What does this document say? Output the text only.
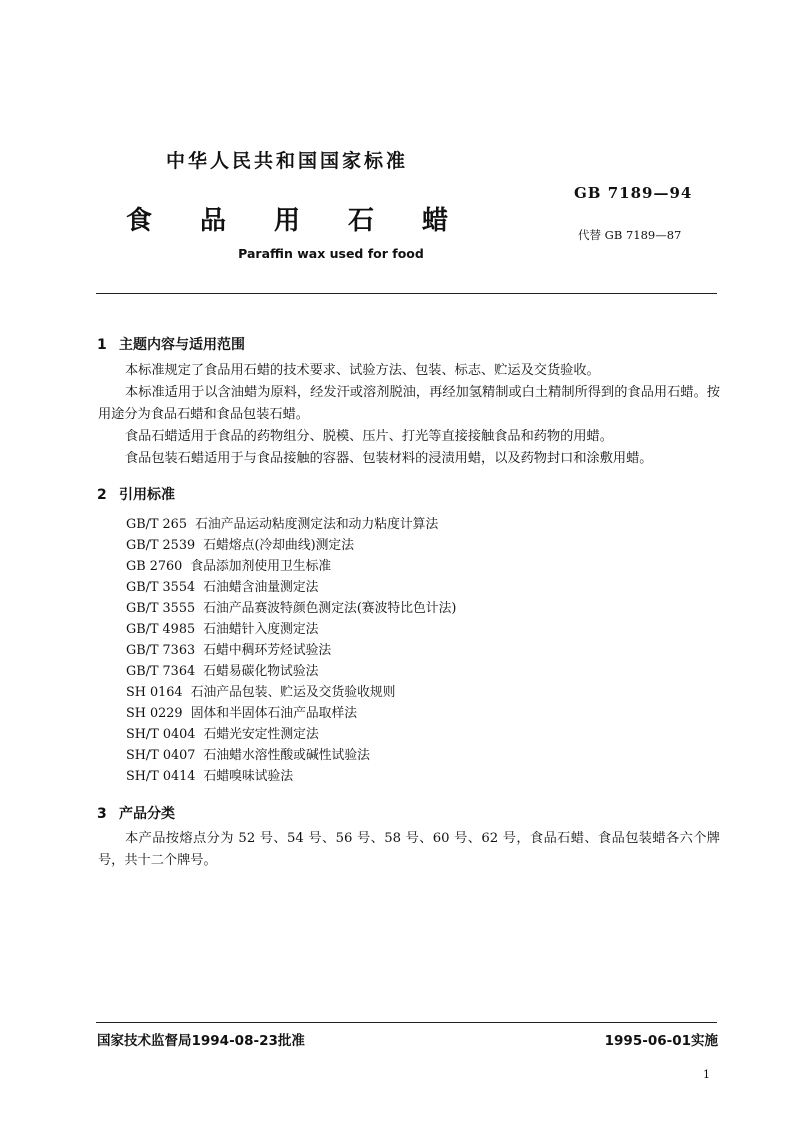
中华人民共和国国家标准
GB 7189—94
食品用石蜡	代替 GB 7189—87
Paraffin wax used for food
1 主题内容与适用范围

本标准规定了食品用石蜡的技术要求、试验方法、包装、标志、贮运及交货验收。

本标准适用于以含油蜡为原料，经发汗或溶剂脱油，再经加氢精制或白土精制所得到的食品用石蜡。按用途分为食品石蜡和食品包装石蜡。

食品石蜡适用于食品的药物组分、脱模、压片、打光等直接接触食品和药物的用蜡。

食品包装石蜡适用于与食品接触的容器、包装材料的浸渍用蜡，以及药物封口和涂敷用蜡。

2 引用标准
GB/T 265 石油产品运动粘度测定法和动力粘度计算法
GB/T 2539 石蜡熔点(冷却曲线)测定法
GB 2760 食品添加剂使用卫生标准
GB/T 3554 石油蜡含油量测定法
GB/T 3555 石油产品赛波特颜色测定法(赛波特比色计法)
GB/T 4985 石油蜡针入度测定法
GB/T 7363 石蜡中稠环芳烃试验法
GB/T 7364 石蜡易碳化物试验法
SH 0164 石油产品包装、贮运及交货验收规则
SH 0229 固体和半固体石油产品取样法
SH/T 0404 石蜡光安定性测定法
SH/T 0407 石油蜡水溶性酸或碱性试验法
SH/T 0414 石蜡嗅味试验法
3 产品分类

本产品按熔点分为 52 号、54 号、56 号、58 号、60 号、62 号，食品石蜡、食品包装蜡各六个牌号，共十二个牌号。

国家技术监督局1994-08-23批准	1995-06-01实施
1
